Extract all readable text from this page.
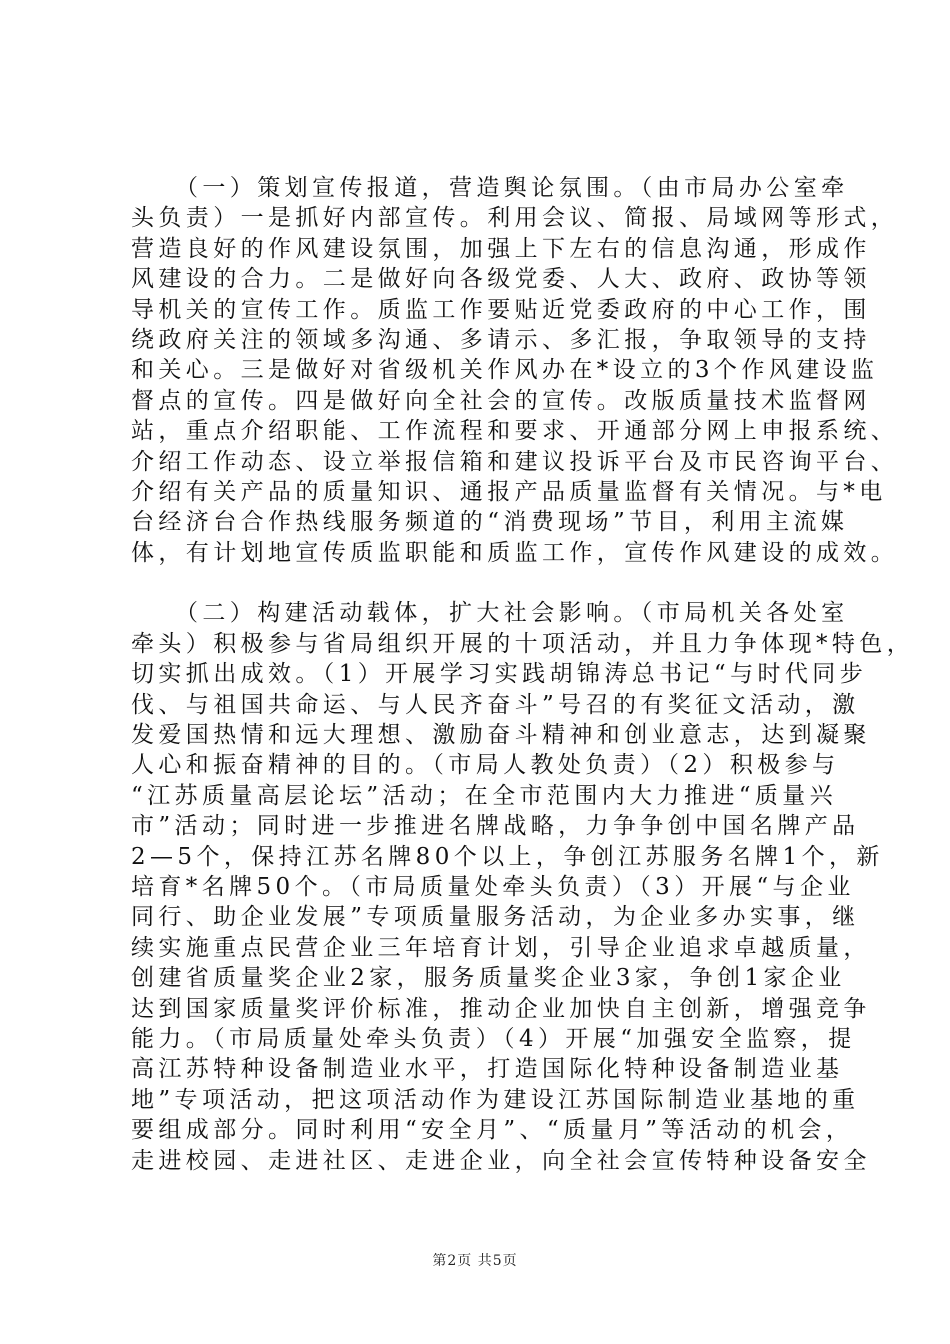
（一）策划宣传报道，营造舆论氛围。（由市局办公室牵
头负责）一是抓好内部宣传。利用会议、简报、局域网等形式，
营造良好的作风建设氛围，加强上下左右的信息沟通，形成作
风建设的合力。二是做好向各级党委、人大、政府、政协等领
导机关的宣传工作。质监工作要贴近党委政府的中心工作，围
绕政府关注的领域多沟通、多请示、多汇报，争取领导的支持
和关心。三是做好对省级机关作风办在*设立的3个作风建设监
督点的宣传。四是做好向全社会的宣传。改版质量技术监督网
站，重点介绍职能、工作流程和要求、开通部分网上申报系统、
介绍工作动态、设立举报信箱和建议投诉平台及市民咨询平台、
介绍有关产品的质量知识、通报产品质量监督有关情况。与*电
台经济台合作热线服务频道的“消费现场”节目，利用主流媒
体，有计划地宣传质监职能和质监工作，宣传作风建设的成效。

（二）构建活动载体，扩大社会影响。（市局机关各处室
牵头）积极参与省局组织开展的十项活动，并且力争体现*特色，
切实抓出成效。（1）开展学习实践胡锦涛总书记“与时代同步
伐、与祖国共命运、与人民齐奋斗”号召的有奖征文活动，激
发爱国热情和远大理想、激励奋斗精神和创业意志，达到凝聚
人心和振奋精神的目的。（市局人教处负责）（2）积极参与
“江苏质量高层论坛”活动；在全市范围内大力推进“质量兴
市”活动；同时进一步推进名牌战略，力争争创中国名牌产品
2—5个，保持江苏名牌80个以上，争创江苏服务名牌1个，新
培育*名牌50个。（市局质量处牵头负责）（3）开展“与企业
同行、助企业发展”专项质量服务活动，为企业多办实事，继
续实施重点民营企业三年培育计划，引导企业追求卓越质量，
创建省质量奖企业2家，服务质量奖企业3家，争创1家企业
达到国家质量奖评价标准，推动企业加快自主创新，增强竞争
能力。（市局质量处牵头负责）（4）开展“加强安全监察，提
高江苏特种设备制造业水平，打造国际化特种设备制造业基
地”专项活动，把这项活动作为建设江苏国际制造业基地的重
要组成部分。同时利用“安全月”、“质量月”等活动的机会，
走进校园、走进社区、走进企业，向全社会宣传特种设备安全

第2页 共5页
